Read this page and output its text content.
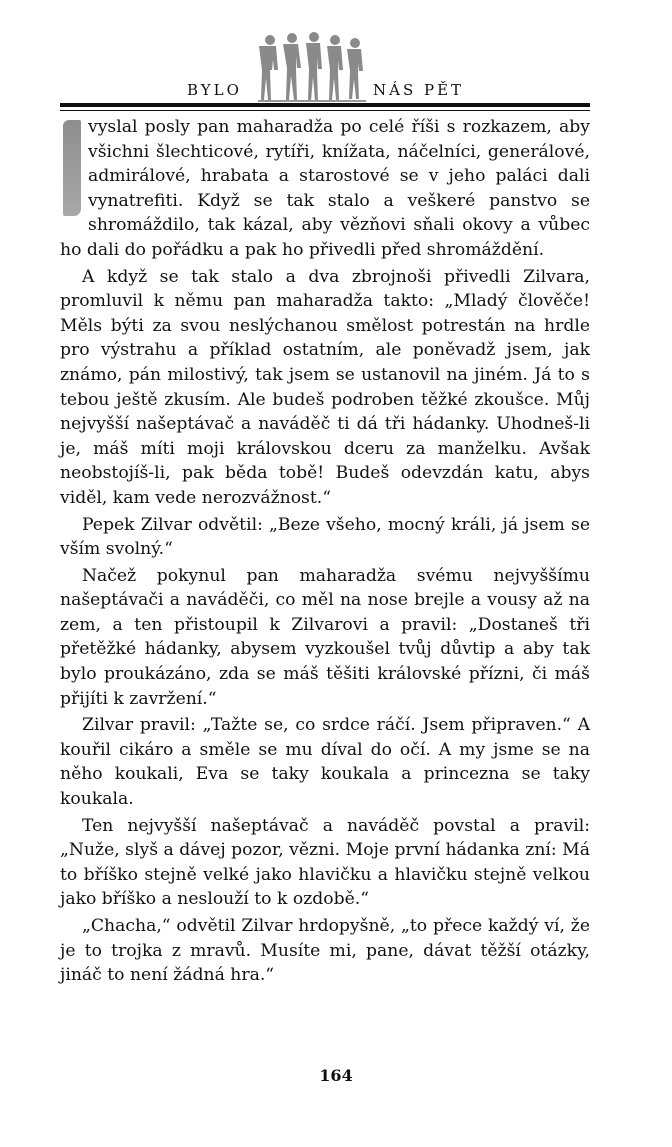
BYLO	NÁS PĚT

vyslal posly pan maharadža po celé říši s rozkazem, aby všichni šlechticové, rytíři, knížata, náčelníci, generálové, admirálové, hrabata a starostové se v jeho paláci dali vynatrefiti. Když se tak stalo a veškeré panstvo se shromáždilo, tak kázal, aby vězňovi sňali okovy a vůbec ho dali do pořádku a pak ho přivedli před shromáždění.

A když se tak stalo a dva zbrojnoši přivedli Zilvara, promluvil k němu pan maharadža takto: „Mladý člověče! Měls býti za svou neslýchanou smělost potrestán na hrdle pro výstrahu a příklad ostatním, ale poněvadž jsem, jak známo, pán milostivý, tak jsem se ustanovil na jiném. Já to s tebou ještě zkusím. Ale budeš podroben těžké zkoušce. Můj nejvyšší našeptávač a naváděč ti dá tři hádanky. Uhodneš-li je, máš míti moji královskou dceru za manželku. Avšak neobstojíš-li, pak běda tobě! Budeš odevzdán katu, abys viděl, kam vede nerozvážnost.“

Pepek Zilvar odvětil: „Beze všeho, mocný králi, já jsem se vším svolný.“

Načež pokynul pan maharadža svému nejvyššímu našeptávači a naváděči, co měl na nose brejle a vousy až na zem, a ten přistoupil k Zilvarovi a pravil: „Dostaneš tři přetěžké hádanky, abysem vyzkoušel tvůj důvtip a aby tak bylo proukázáno, zda se máš těšiti královské přízni, či máš přijíti k zavržení.“

Zilvar pravil: „Tažte se, co srdce ráčí. Jsem připraven.“ A kouřil cikáro a směle se mu díval do očí. A my jsme se na něho koukali, Eva se taky koukala a princezna se taky koukala.

Ten nejvyšší našeptávač a naváděč povstal a pravil: „Nuže, slyš a dávej pozor, vězni. Moje první hádanka zní: Má to bříško stejně velké jako hlavičku a hlavičku stejně velkou jako bříško a neslouží to k ozdobě.“

„Chacha,“ odvětil Zilvar hrdopyšně, „to přece každý ví, že je to trojka z mravů. Musíte mi, pane, dávat těžší otázky, jináč to není žádná hra.“

164
